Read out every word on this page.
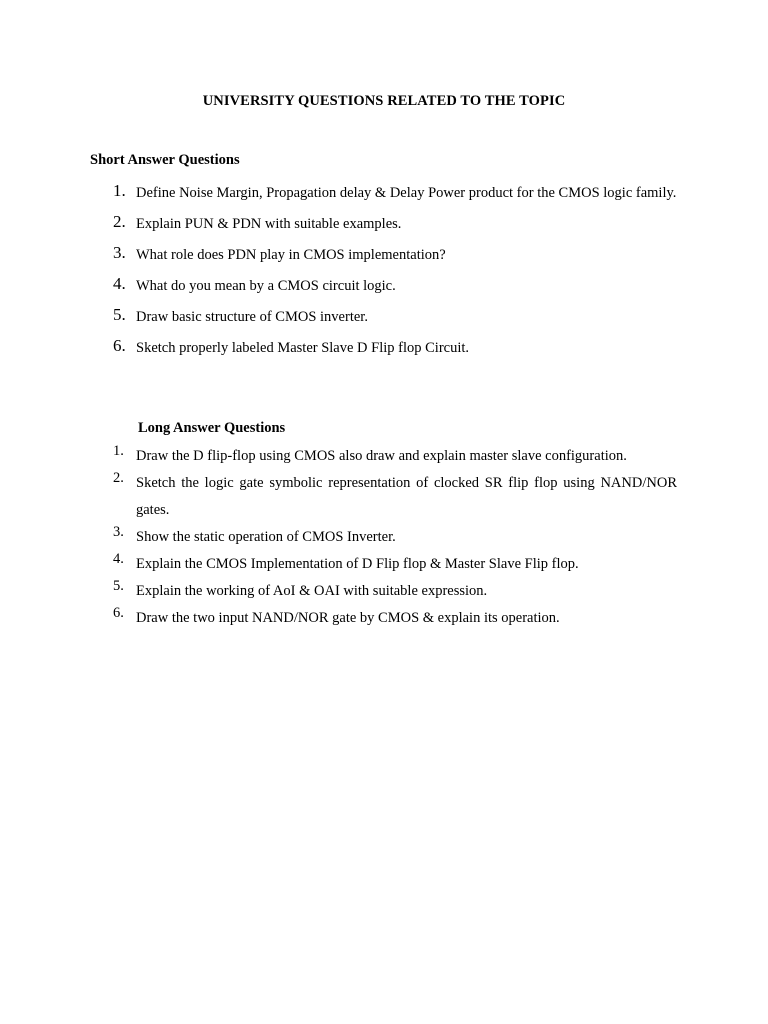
UNIVERSITY QUESTIONS RELATED TO THE TOPIC
Short Answer Questions
1. Define Noise Margin, Propagation delay & Delay Power product for the CMOS logic family.
2. Explain PUN & PDN with suitable examples.
3. What role does PDN play in CMOS implementation?
4. What do you mean by a CMOS circuit logic.
5. Draw basic structure of CMOS inverter.
6. Sketch properly labeled Master Slave D Flip flop Circuit.
Long Answer Questions
1. Draw the D flip-flop using CMOS also draw and explain master slave configuration.
2. Sketch the logic gate symbolic representation of clocked SR flip flop using NAND/NOR gates.
3. Show the static operation of CMOS Inverter.
4. Explain the CMOS Implementation of D Flip flop & Master Slave Flip flop.
5. Explain the working of AoI & OAI with suitable expression.
6. Draw the two input NAND/NOR gate by CMOS & explain its operation.
